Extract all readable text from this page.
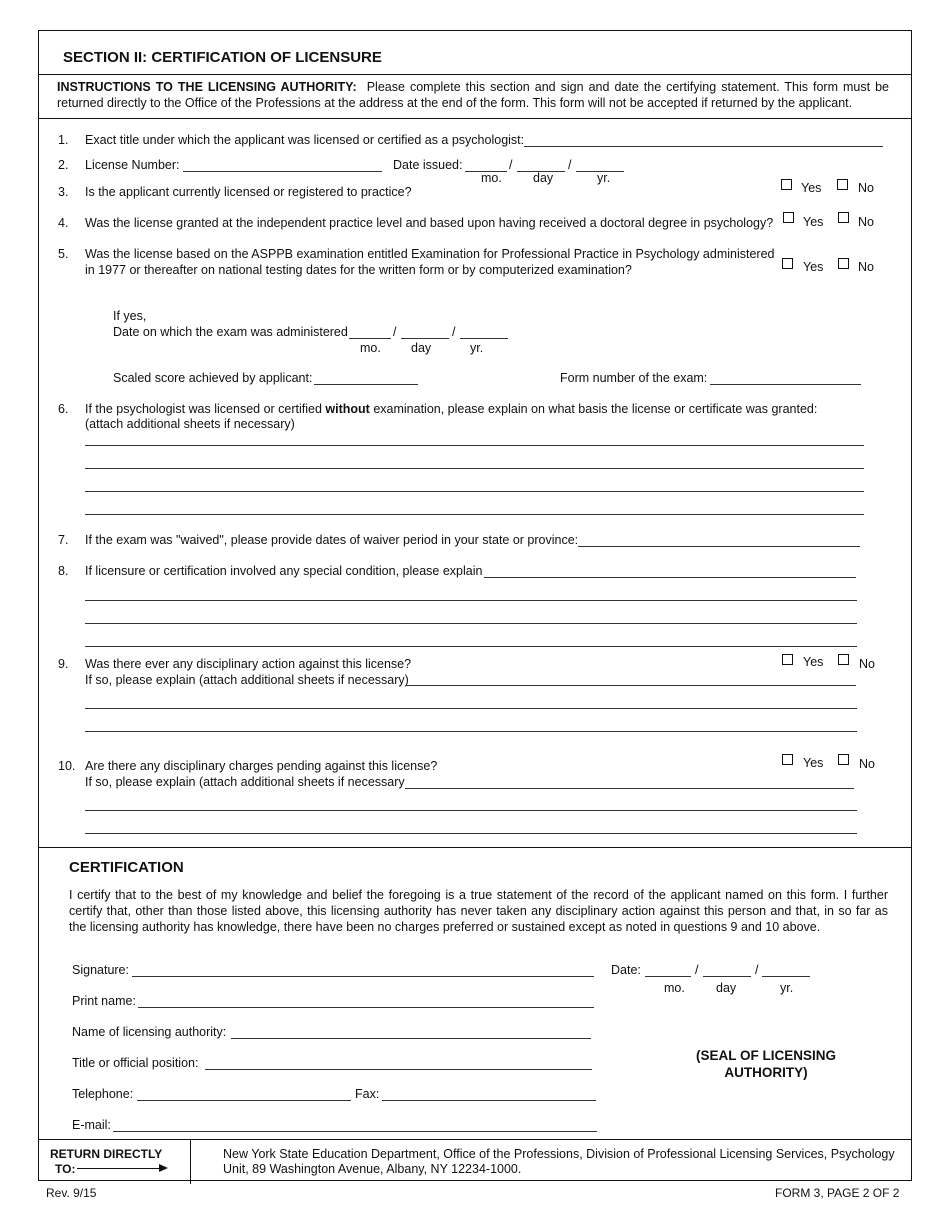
SECTION II: CERTIFICATION OF LICENSURE
INSTRUCTIONS TO THE LICENSING AUTHORITY: Please complete this section and sign and date the certifying statement. This form must be returned directly to the Office of the Professions at the address at the end of the form. This form will not be accepted if returned by the applicant.
1. Exact title under which the applicant was licensed or certified as a psychologist:
2. License Number:	Date issued:	/	/
mo. day	yr.
3. Is the applicant currently licensed or registered to practice?	Yes	No
4. Was the license granted at the independent practice level and based upon having received a doctoral degree in psychology? Yes	No
5. Was the license based on the ASPPB examination entitled Examination for Professional Practice in Psychology administered
in 1977 or thereafter on national testing dates for the written form or by computerized examination?	Yes	No
If yes,
Date on which the exam was administered	/	/
mo. day	yr.
Scaled score achieved by applicant:	Form number of the exam:
6. If the psychologist was licensed or certified without examination, please explain on what basis the license or certificate was granted:
(attach additional sheets if necessary)
7. If the exam was "waived", please provide dates of waiver period in your state or province:
8. If licensure or certification involved any special condition, please explain
9. Was there ever any disciplinary action against this license?
If so, please explain (attach additional sheets if necessary)
Yes	No
10. Are there any disciplinary charges pending against this license?
If so, please explain (attach additional sheets if necessary
Yes	No
CERTIFICATION
I certify that to the best of my knowledge and belief the foregoing is a true statement of the record of the applicant named on this form. I further certify that, other than those listed above, this licensing authority has never taken any disciplinary action against this person and that, in so far as the licensing authority has knowledge, there have been no charges preferred or sustained except as noted in questions 9 and 10 above.
Signature:	Date:	/	/
mo. day	yr.
Print name:
Name of licensing authority:
Title or official position:
Telephone:	Fax:
E-mail:
(SEAL OF LICENSING
AUTHORITY)
RETURN DIRECTLY
TO:
New York State Education Department, Office of the Professions, Division of Professional Licensing Services, Psychology
Unit, 89 Washington Avenue, Albany, NY 12234-1000.
Rev. 9/15	FORM 3, PAGE 2 OF 2
